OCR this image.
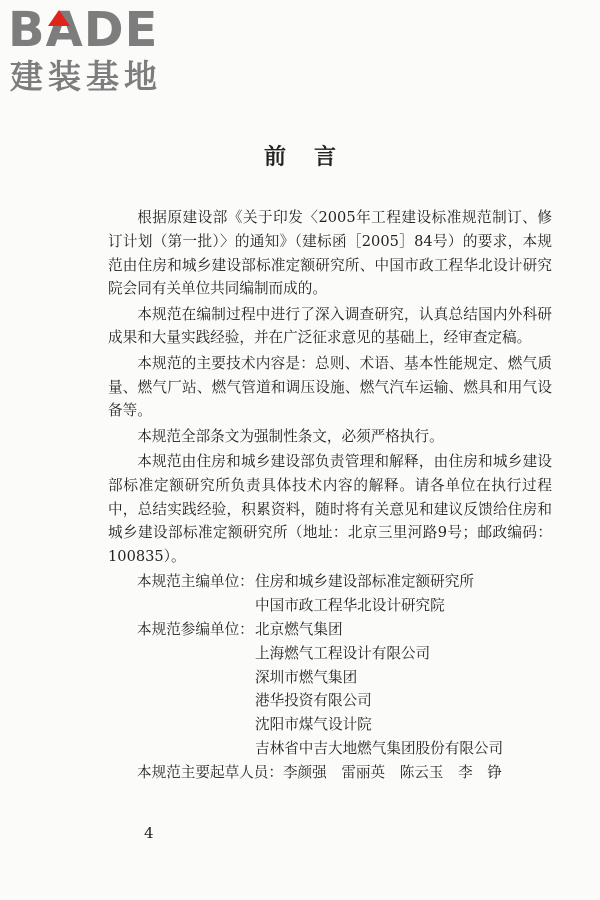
BADE
建装基地
前言

根据原建设部《关于印发〈2005年工程建设标准规范制订、修订计划（第一批）〉的通知》（建标函［2005］84号）的要求，本规范由住房和城乡建设部标准定额研究所、中国市政工程华北设计研究院会同有关单位共同编制而成的。

本规范在编制过程中进行了深入调查研究，认真总结国内外科研成果和大量实践经验，并在广泛征求意见的基础上，经审查定稿。

本规范的主要技术内容是：总则、术语、基本性能规定、燃气质量、燃气厂站、燃气管道和调压设施、燃气汽车运输、燃具和用气设备等。

本规范全部条文为强制性条文，必须严格执行。

本规范由住房和城乡建设部负责管理和解释，由住房和城乡建设部标准定额研究所负责具体技术内容的解释。请各单位在执行过程中，总结实践经验，积累资料，随时将有关意见和建议反馈给住房和城乡建设部标准定额研究所（地址：北京三里河路9号；邮政编码：100835）。

本规范主编单位： 住房和城乡建设部标准定额研究所
中国市政工程华北设计研究院
本规范参编单位： 北京燃气集团
上海燃气工程设计有限公司
深圳市燃气集团
港华投资有限公司
沈阳市煤气设计院
吉林省中吉大地燃气集团股份有限公司
本规范主要起草人员： 李颜强　雷丽英　陈云玉　李　铮
4
